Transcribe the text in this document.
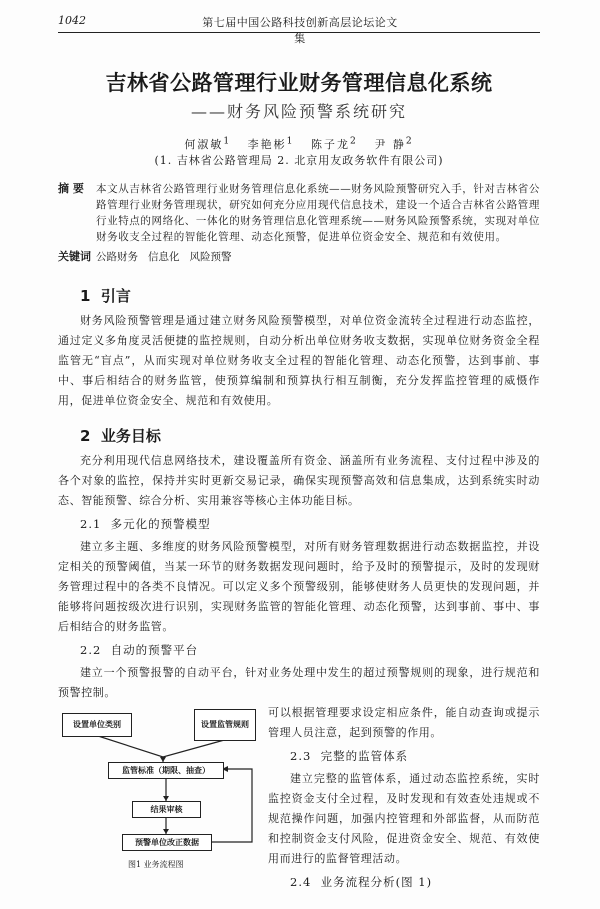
1042	第七届中国公路科技创新高层论坛论文集
吉林省公路管理行业财务管理信息化系统
——财务风险预警系统研究
何淑敏$^1$ 李艳彬$^1$ 陈子龙$^2$ 尹 静$^2$
(1. 吉林省公路管理局 2. 北京用友政务软件有限公司)
摘 要	本文从吉林省公路管理行业财务管理信息化系统——财务风险预警研究入手，针对吉林省公路管理行业财务管理现状，研究如何充分应用现代信息技术，建设一个适合吉林省公路管理行业特点的网络化、一体化的财务管理信息化管理系统——财务风险预警系统，实现对单位财务收支全过程的智能化管理、动态化预警，促进单位资金安全、规范和有效使用。
关键词 公路财务 信息化 风险预警
1 引言

财务风险预警管理是通过建立财务风险预警模型，对单位资金流转全过程进行动态监控，通过定义多角度灵活便捷的监控规则，自动分析出单位财务收支数据，实现单位财务资金全程监管无“盲点”，从而实现对单位财务收支全过程的智能化管理、动态化预警，达到事前、事中、事后相结合的财务监管，使预算编制和预算执行相互制衡，充分发挥监控管理的威慑作用，促进单位资金安全、规范和有效使用。

2 业务目标

充分利用现代信息网络技术，建设覆盖所有资金、涵盖所有业务流程、支付过程中涉及的各个对象的监控，保持并实时更新交易记录，确保实现预警高效和信息集成，达到系统实时动态、智能预警、综合分析、实用兼容等核心主体功能目标。

2.1 多元化的预警模型

建立多主题、多维度的财务风险预警模型，对所有财务管理数据进行动态数据监控，并设定相关的预警阈值，当某一环节的财务数据发现问题时，给予及时的预警提示，及时的发现财务管理过程中的各类不良情况。可以定义多个预警级别，能够使财务人员更快的发现问题，并能够将问题按级次进行识别，实现财务监管的智能化管理、动态化预警，达到事前、事中、事后相结合的财务监管。

2.2 自动的预警平台

建立一个预警报警的自动平台，针对业务处理中发生的超过预警规则的现象，进行规范和预警控制。

设置单位类别	设置监管规则
监管标准（期限、抽查）
结果审核
预警单位改正数据
图1 业务流程图

可以根据管理要求设定相应条件，能自动查询或提示管理人员注意，起到预警的作用。

2.3 完整的监管体系

建立完整的监管体系，通过动态监控系统，实时监控资金支付全过程，及时发现和有效查处违规或不规范操作问题，加强内控管理和外部监督，从而防范和控制资金支付风险，促进资金安全、规范、有效使用而进行的监督管理活动。

2.4 业务流程分析(图 1)
